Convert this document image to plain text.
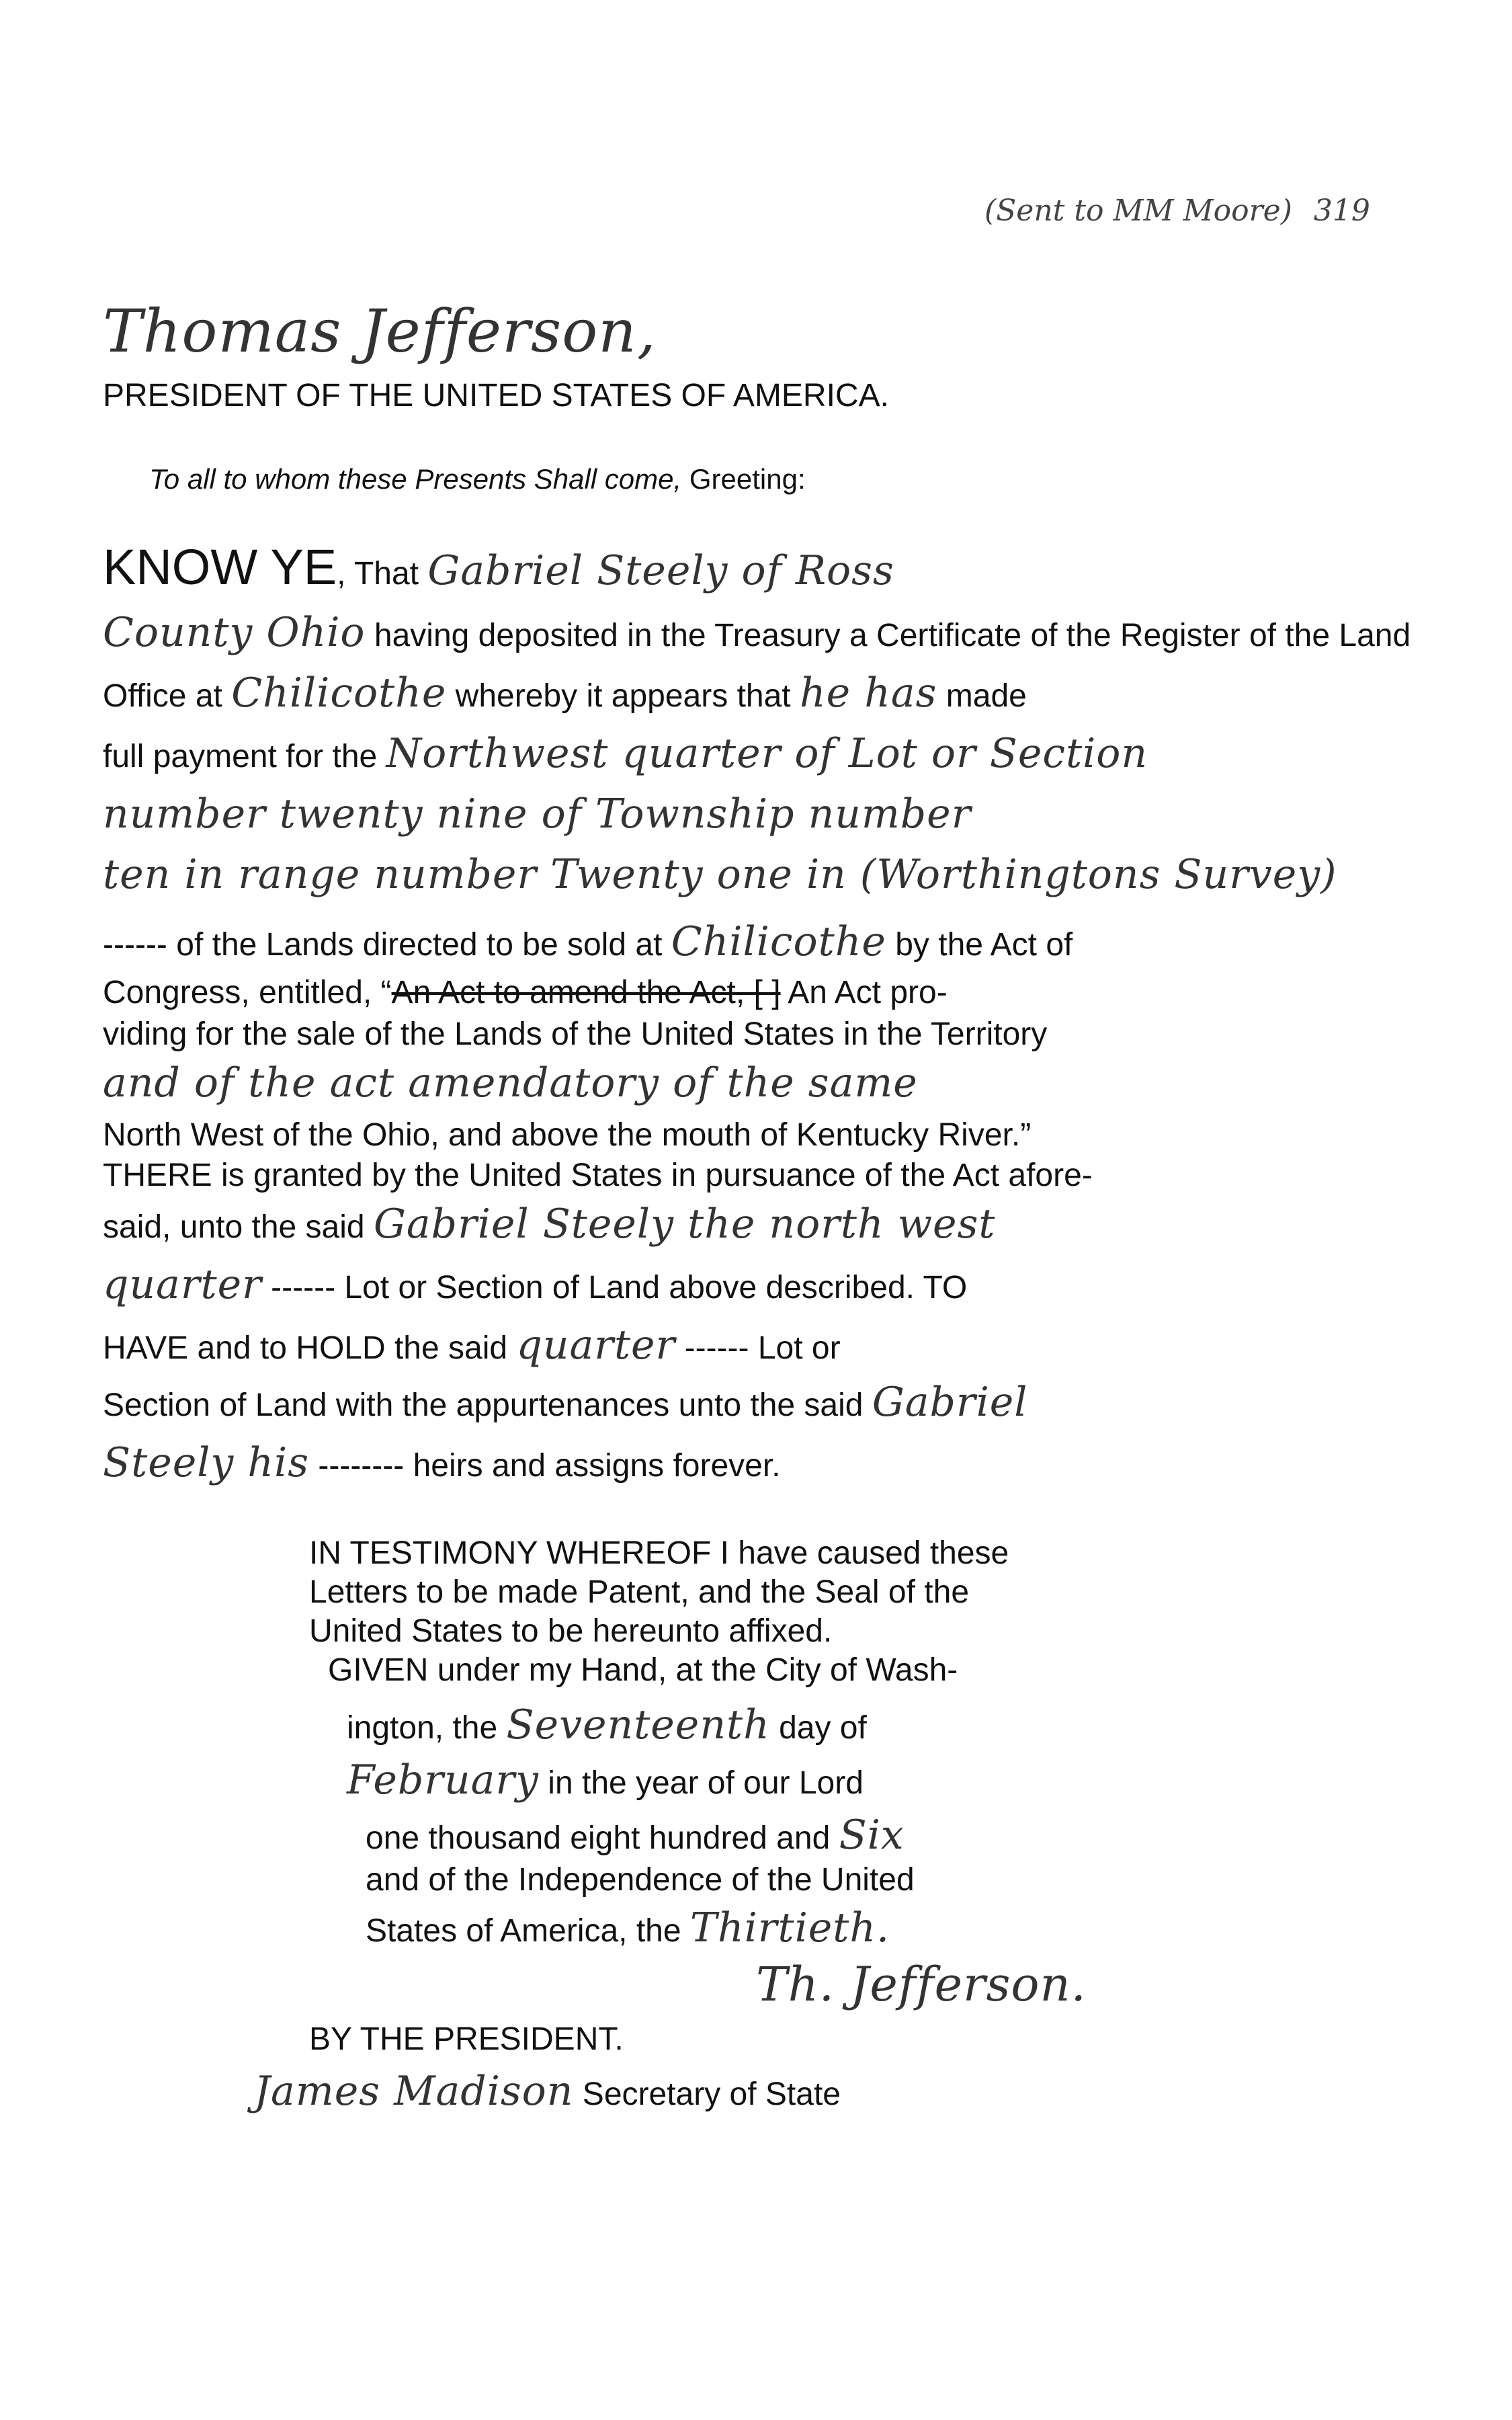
(Sent to MM Moore) 319
Thomas Jefferson,
PRESIDENT OF THE UNITED STATES OF AMERICA.
To all to whom these Presents Shall come, Greeting:
KNOW YE, That Gabriel Steely of Ross
County Ohio having deposited in the Treasury a Certificate of the Register of the Land
Office at Chilicothe whereby it appears that he has made
full payment for the Northwest quarter of Lot or Section
number twenty nine of Township number
ten in range number Twenty one in (Worthingtons Survey)
------ of the Lands directed to be sold at Chilicothe by the Act of
Congress, entitled, “An Act to amend the Act, [ ] An Act pro-
viding for the sale of the Lands of the United States in the Territory
and of the act amendatory of the same
North West of the Ohio, and above the mouth of Kentucky River.”
THERE is granted by the United States in pursuance of the Act afore-
said, unto the said Gabriel Steely the north west
quarter ------ Lot or Section of Land above described. TO
HAVE and to HOLD the said quarter ------ Lot or
Section of Land with the appurtenances unto the said Gabriel
Steely his -------- heirs and assigns forever.
IN TESTIMONY WHEREOF I have caused these
Letters to be made Patent, and the Seal of the
United States to be hereunto affixed.
GIVEN under my Hand, at the City of Wash-
ington, the Seventeenth day of
February in the year of our Lord
one thousand eight hundred and Six
and of the Independence of the United
States of America, the Thirtieth.
Th. Jefferson.
BY THE PRESIDENT.
James Madison Secretary of State
